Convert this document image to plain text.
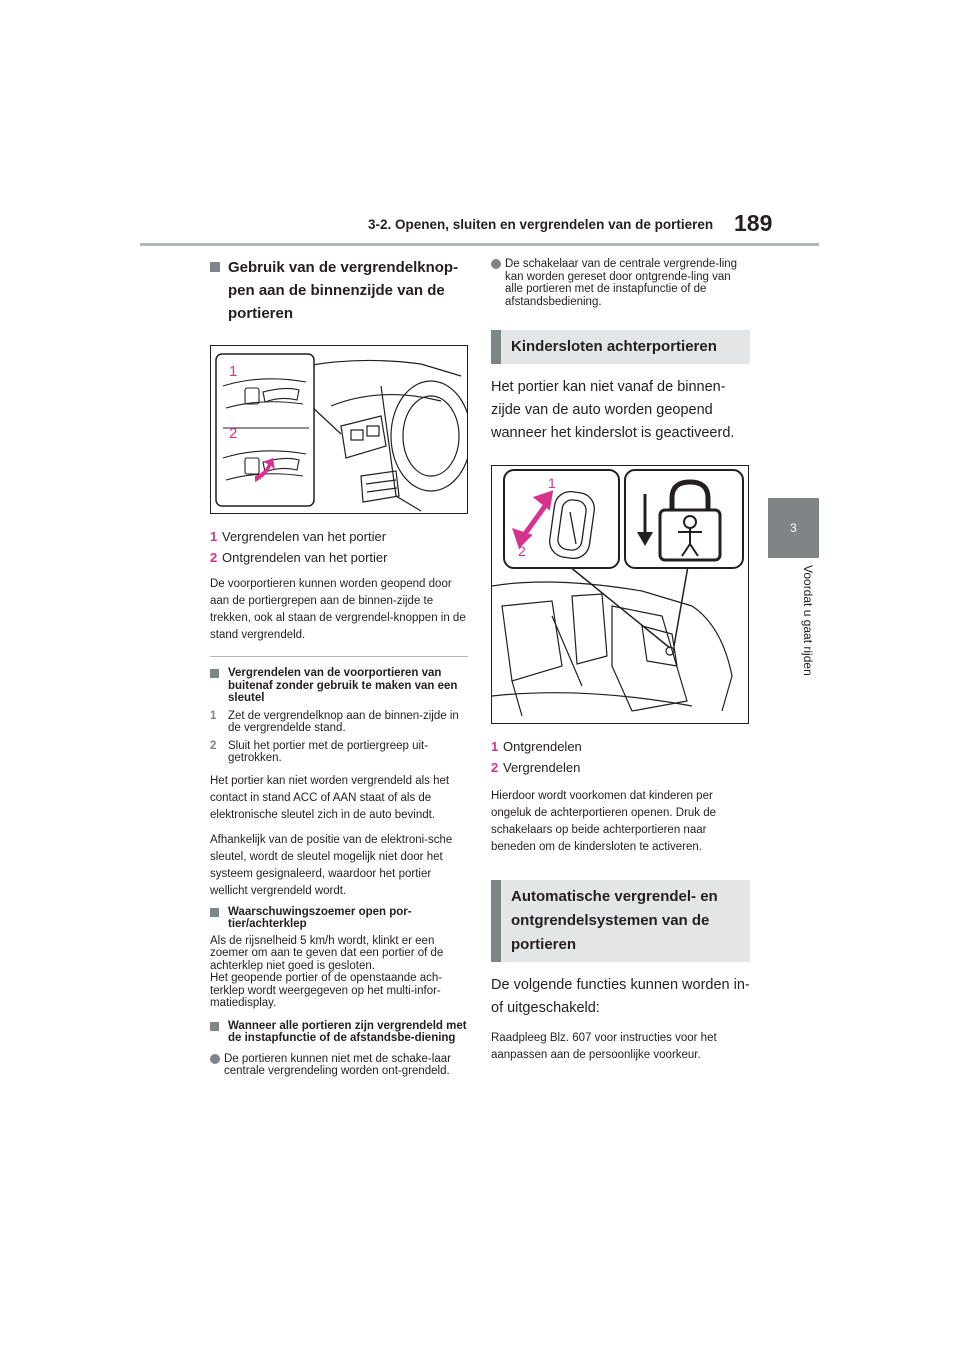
3-2. Openen, sluiten en vergrendelen van de portieren 189
3
Voordat u gaat rijden
Gebruik van de vergrendelknop-pen aan de binnenzijde van de portieren
1
2
1 Vergrendelen van het portier
2 Ontgrendelen van het portier

De voorportieren kunnen worden geopend door aan de portiergrepen aan de binnen-zijde te trekken, ook al staan de vergrendel-knoppen in de stand vergrendeld.

Vergrendelen van de voorportieren van buitenaf zonder gebruik te maken van een sleutel
1	Zet de vergrendelknop aan de binnen-zijde in de vergrendelde stand.
2	Sluit het portier met de portiergreep uit-getrokken.

Het portier kan niet worden vergrendeld als het contact in stand ACC of AAN staat of als de elektronische sleutel zich in de auto bevindt.

Afhankelijk van de positie van de elektroni-sche sleutel, wordt de sleutel mogelijk niet door het systeem gesignaleerd, waardoor het portier wellicht vergrendeld wordt.

Waarschuwingszoemer open por-tier/achterklep

Als de rijsnelheid 5 km/h wordt, klinkt er een zoemer om aan te geven dat een portier of de achterklep niet goed is gesloten.

Het geopende portier of de openstaande ach-terklep wordt weergegeven op het multi-infor-matiedisplay.

Wanneer alle portieren zijn vergrendeld met de instapfunctie of de afstandsbe-diening
De portieren kunnen niet met de schake-laar centrale vergrendeling worden ont-grendeld.
De schakelaar van de centrale vergrende-ling kan worden gereset door ontgrende-ling van alle portieren met de instapfunctie of de afstandsbediening.
Kindersloten achterportieren

Het portier kan niet vanaf de binnen-zijde van de auto worden geopend wanneer het kinderslot is geactiveerd.

1
2
1 Ontgrendelen
2 Vergrendelen

Hierdoor wordt voorkomen dat kinderen per ongeluk de achterportieren openen. Druk de schakelaars op beide achterportieren naar beneden om de kindersloten te activeren.

Automatische vergrendel- en ontgrendelsystemen van de portieren

De volgende functies kunnen worden in- of uitgeschakeld:

Raadpleeg Blz. 607 voor instructies voor het aanpassen aan de persoonlijke voorkeur.
